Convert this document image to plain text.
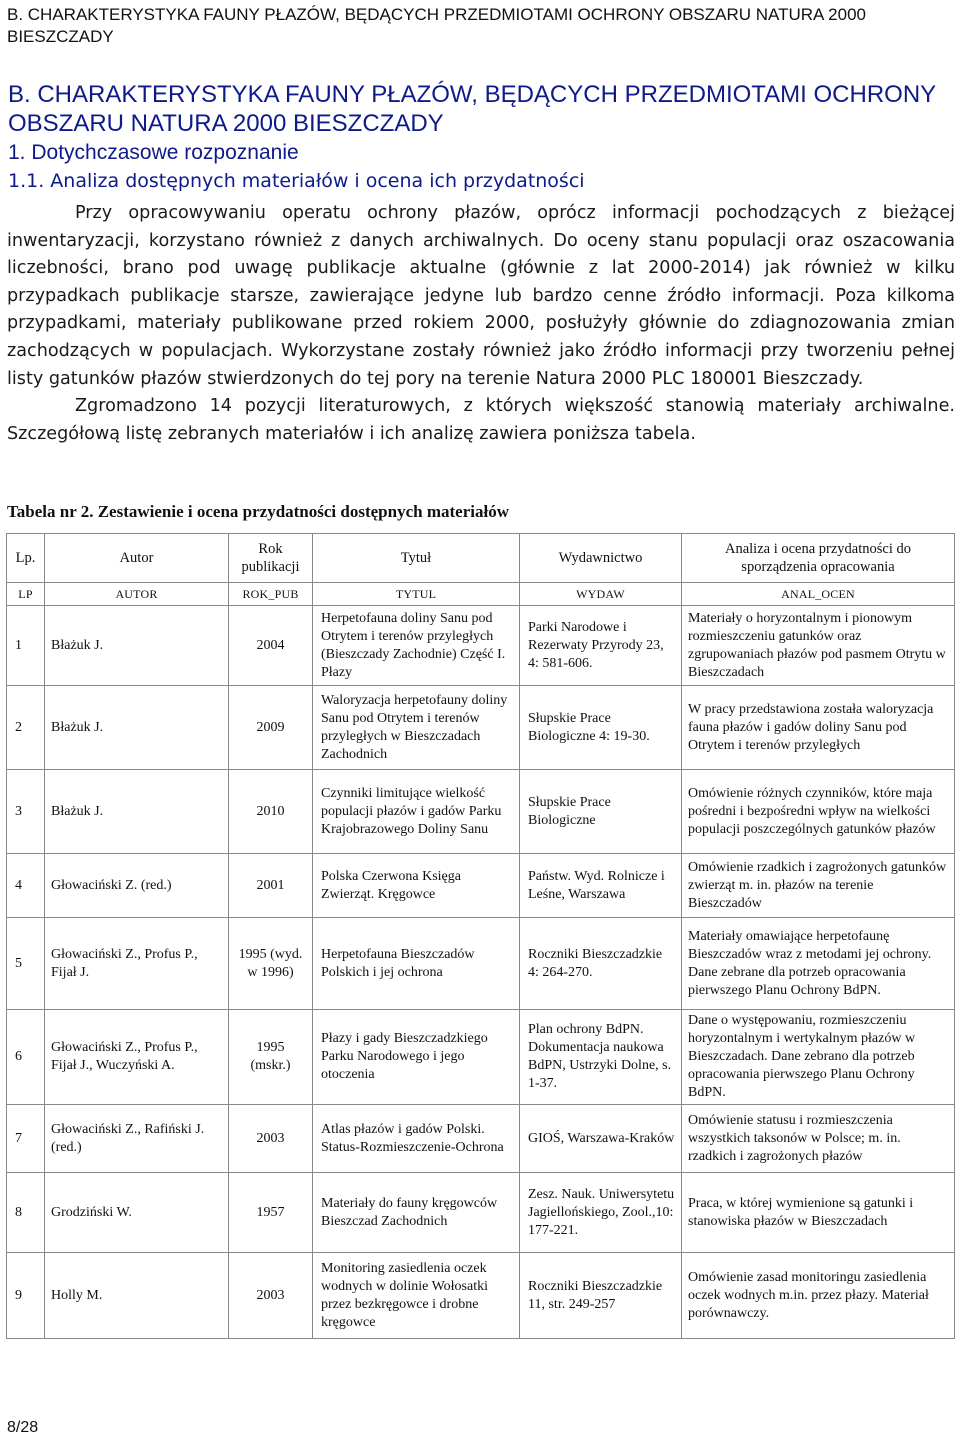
B. CHARAKTERYSTYKA FAUNY PŁAZÓW, BĘDĄCYCH PRZEDMIOTAMI OCHRONY OBSZARU NATURA 2000 BIESZCZADY
B. CHARAKTERYSTYKA FAUNY PŁAZÓW, BĘDĄCYCH PRZEDMIOTAMI OCHRONY OBSZARU NATURA 2000 BIESZCZADY
1. Dotychczasowe rozpoznanie
1.1. Analiza dostępnych materiałów i ocena ich przydatności

Przy opracowywaniu operatu ochrony płazów, oprócz informacji pochodzących z bieżącej inwentaryzacji, korzystano również z danych archiwalnych. Do oceny stanu populacji oraz oszacowania liczebności, brano pod uwagę publikacje aktualne (głównie z lat 2000-2014) jak również w kilku przypadkach publikacje starsze, zawierające jedyne lub bardzo cenne źródło informacji. Poza kilkoma przypadkami, materiały publikowane przed rokiem 2000, posłużyły głównie do zdiagnozowania zmian zachodzących w populacjach. Wykorzystane zostały również jako źródło informacji przy tworzeniu pełnej listy gatunków płazów stwierdzonych do tej pory na terenie Natura 2000 PLC 180001 Bieszczady.

Zgromadzono 14 pozycji literaturowych, z których większość stanowią materiały archiwalne. Szczegółową listę zebranych materiałów i ich analizę zawiera poniższa tabela.

Tabela nr 2. Zestawienie i ocena przydatności dostępnych materiałów
Lp.	Autor	Rok publikacji	Tytuł	Wydawnictwo	Analiza i ocena przydatności do sporządzenia opracowania
LP	AUTOR	ROK_PUB	TYTUL	WYDAW	ANAL_OCEN
1	Błażuk J.	2004	Herpetofauna doliny Sanu pod Otrytem i terenów przyległych (Bieszczady Zachodnie) Część I. Płazy	Parki Narodowe i Rezerwaty Przyrody 23, 4: 581-606.	Materiały o horyzontalnym i pionowym rozmieszczeniu gatunków oraz zgrupowaniach płazów pod pasmem Otrytu w Bieszczadach
2	Błażuk J.	2009	Waloryzacja herpetofauny doliny Sanu pod Otrytem i terenów przyległych w Bieszczadach Zachodnich	Słupskie Prace Biologiczne 4: 19-30.	W pracy przedstawiona została waloryzacja fauna płazów i gadów doliny Sanu pod Otrytem i terenów przyległych
3	Błażuk J.	2010	Czynniki limitujące wielkość populacji płazów i gadów Parku Krajobrazowego Doliny Sanu	Słupskie Prace Biologiczne	Omówienie różnych czynników, które maja pośredni i bezpośredni wpływ na wielkości populacji poszczególnych gatunków płazów
4	Głowaciński Z. (red.)	2001	Polska Czerwona Księga Zwierząt. Kręgowce	Państw. Wyd. Rolnicze i Leśne, Warszawa	Omówienie rzadkich i zagrożonych gatunków zwierząt m. in. płazów na terenie Bieszczadów
5	Głowaciński Z., Profus P., Fijał J.	1995 (wyd. w 1996)	Herpetofauna Bieszczadów Polskich i jej ochrona	Roczniki Bieszczadzkie 4: 264-270.	Materiały omawiające herpetofaunę Bieszczadów wraz z metodami jej ochrony. Dane zebrane dla potrzeb opracowania pierwszego Planu Ochrony BdPN.
6	Głowaciński Z., Profus P., Fijał J., Wuczyński A.	1995 (mskr.)	Płazy i gady Bieszczadzkiego Parku Narodowego i jego otoczenia	Plan ochrony BdPN. Dokumentacja naukowa BdPN, Ustrzyki Dolne, s. 1-37.	Dane o występowaniu, rozmieszczeniu horyzontalnym i wertykalnym płazów w Bieszczadach. Dane zebrano dla potrzeb opracowania pierwszego Planu Ochrony BdPN.
7	Głowaciński Z., Rafiński J. (red.)	2003	Atlas płazów i gadów Polski. Status-Rozmieszczenie-Ochrona	GIOŚ, Warszawa-Kraków	Omówienie statusu i rozmieszczenia wszystkich taksonów w Polsce; m. in. rzadkich i zagrożonych płazów
8	Grodziński W.	1957	Materiały do fauny kręgowców Bieszczad Zachodnich	Zesz. Nauk. Uniwersytetu Jagiellońskiego, Zool.,10: 177-221.	Praca, w której wymienione są gatunki i stanowiska płazów w Bieszczadach
9	Holly M.	2003	Monitoring zasiedlenia oczek wodnych w dolinie Wołosatki przez bezkręgowce i drobne kręgowce	Roczniki Bieszczadzkie 11, str. 249-257	Omówienie zasad monitoringu zasiedlenia oczek wodnych m.in. przez płazy. Materiał porównawczy.
8/28
